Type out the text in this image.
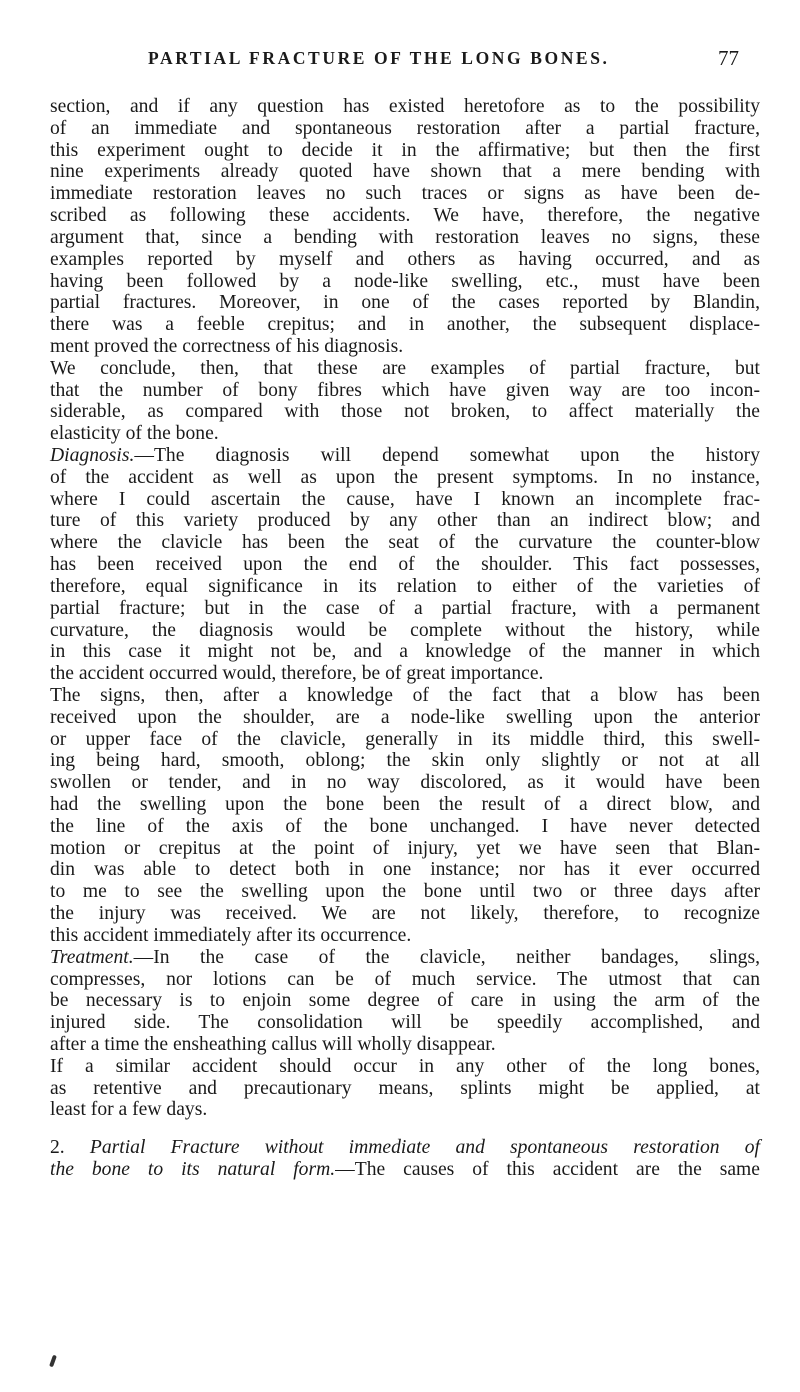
PARTIAL FRACTURE OF THE LONG BONES.	77
section, and if any question has existed heretofore as to the possibility
of an immediate and spontaneous restoration after a partial fracture,
this experiment ought to decide it in the affirmative; but then the first
nine experiments already quoted have shown that a mere bending with
immediate restoration leaves no such traces or signs as have been de-
scribed as following these accidents. We have, therefore, the negative
argument that, since a bending with restoration leaves no signs, these
examples reported by myself and others as having occurred, and as
having been followed by a node-like swelling, etc., must have been
partial fractures. Moreover, in one of the cases reported by Blandin,
there was a feeble crepitus; and in another, the subsequent displace-
ment proved the correctness of his diagnosis.
We conclude, then, that these are examples of partial fracture, but
that the number of bony fibres which have given way are too incon-
siderable, as compared with those not broken, to affect materially the
elasticity of the bone.
Diagnosis.—The diagnosis will depend somewhat upon the history
of the accident as well as upon the present symptoms. In no instance,
where I could ascertain the cause, have I known an incomplete frac-
ture of this variety produced by any other than an indirect blow; and
where the clavicle has been the seat of the curvature the counter-blow
has been received upon the end of the shoulder. This fact possesses,
therefore, equal significance in its relation to either of the varieties of
partial fracture; but in the case of a partial fracture, with a permanent
curvature, the diagnosis would be complete without the history, while
in this case it might not be, and a knowledge of the manner in which
the accident occurred would, therefore, be of great importance.
The signs, then, after a knowledge of the fact that a blow has been
received upon the shoulder, are a node-like swelling upon the anterior
or upper face of the clavicle, generally in its middle third, this swell-
ing being hard, smooth, oblong; the skin only slightly or not at all
swollen or tender, and in no way discolored, as it would have been
had the swelling upon the bone been the result of a direct blow, and
the line of the axis of the bone unchanged. I have never detected
motion or crepitus at the point of injury, yet we have seen that Blan-
din was able to detect both in one instance; nor has it ever occurred
to me to see the swelling upon the bone until two or three days after
the injury was received. We are not likely, therefore, to recognize
this accident immediately after its occurrence.
Treatment.—In the case of the clavicle, neither bandages, slings,
compresses, nor lotions can be of much service. The utmost that can
be necessary is to enjoin some degree of care in using the arm of the
injured side. The consolidation will be speedily accomplished, and
after a time the ensheathing callus will wholly disappear.
If a similar accident should occur in any other of the long bones,
as retentive and precautionary means, splints might be applied, at
least for a few days.
2. Partial Fracture without immediate and spontaneous restoration of
the bone to its natural form.—The causes of this accident are the same
